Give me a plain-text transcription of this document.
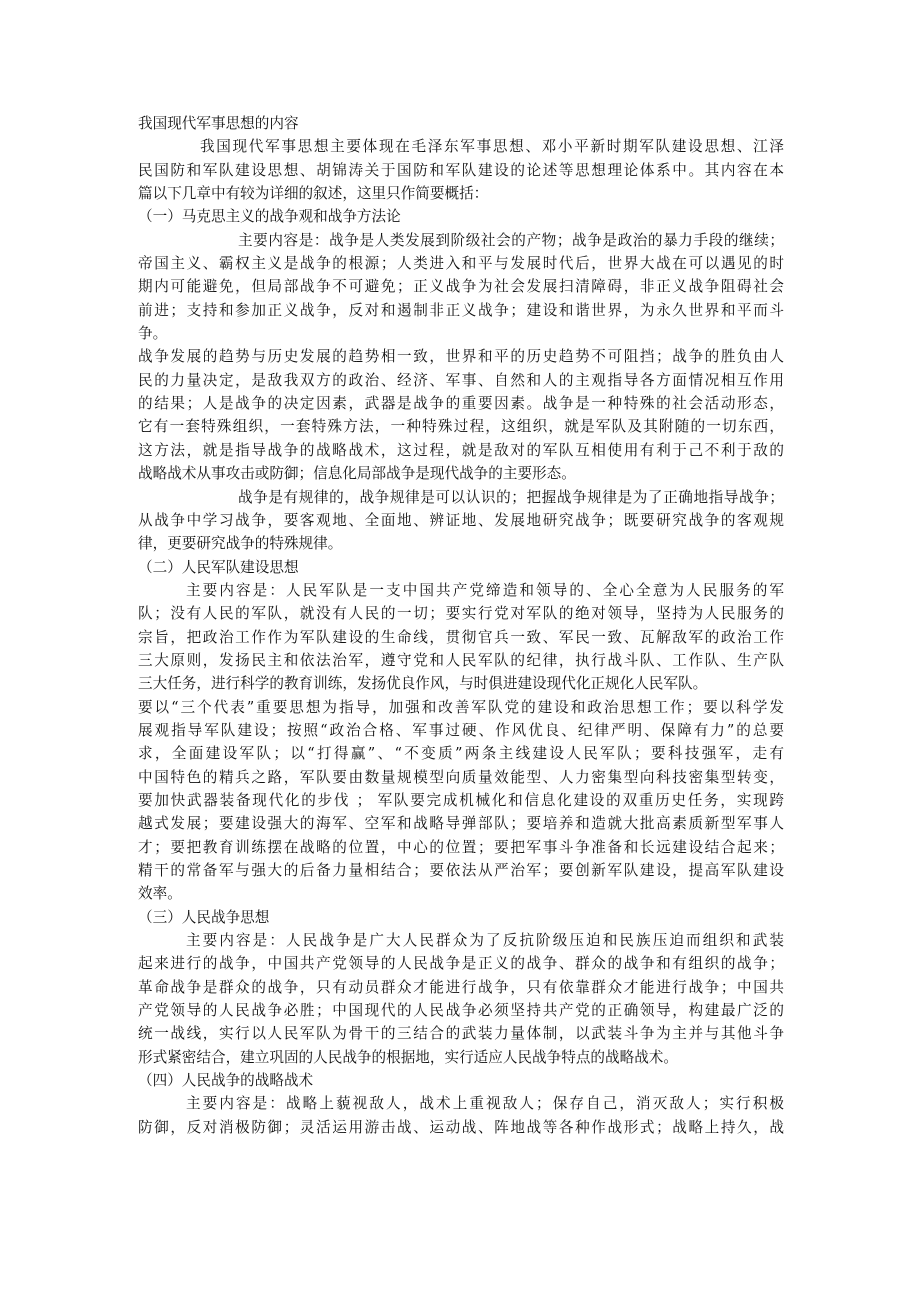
我国现代军事思想的内容
我国现代军事思想主要体现在毛泽东军事思想、邓小平新时期军队建设思想、江泽
民国防和军队建设思想、胡锦涛关于国防和军队建设的论述等思想理论体系中。其内容在本
篇以下几章中有较为详细的叙述，这里只作简要概括：
（一）马克思主义的战争观和战争方法论
主要内容是：战争是人类发展到阶级社会的产物；战争是政治的暴力手段的继续；
帝国主义、霸权主义是战争的根源；人类进入和平与发展时代后，世界大战在可以遇见的时
期内可能避免，但局部战争不可避免；正义战争为社会发展扫清障碍，非正义战争阻碍社会
前进；支持和参加正义战争，反对和遏制非正义战争；建设和谐世界，为永久世界和平而斗
争。
战争发展的趋势与历史发展的趋势相一致，世界和平的历史趋势不可阻挡；战争的胜负由人
民的力量决定，是敌我双方的政治、经济、军事、自然和人的主观指导各方面情况相互作用
的结果；人是战争的决定因素，武器是战争的重要因素。战争是一种特殊的社会活动形态，
它有一套特殊组织，一套特殊方法，一种特殊过程，这组织，就是军队及其附随的一切东西，
这方法，就是指导战争的战略战术，这过程，就是敌对的军队互相使用有利于己不利于敌的
战略战术从事攻击或防御；信息化局部战争是现代战争的主要形态。
战争是有规律的，战争规律是可以认识的；把握战争规律是为了正确地指导战争；
从战争中学习战争，要客观地、全面地、辨证地、发展地研究战争；既要研究战争的客观规
律，更要研究战争的特殊规律。
（二）人民军队建设思想
主要内容是：人民军队是一支中国共产党缔造和领导的、全心全意为人民服务的军
队；没有人民的军队，就没有人民的一切；要实行党对军队的绝对领导，坚持为人民服务的
宗旨，把政治工作作为军队建设的生命线，贯彻官兵一致、军民一致、瓦解敌军的政治工作
三大原则，发扬民主和依法治军，遵守党和人民军队的纪律，执行战斗队、工作队、生产队
三大任务，进行科学的教育训练，发扬优良作风，与时俱进建设现代化正规化人民军队。
要以“三个代表”重要思想为指导，加强和改善军队党的建设和政治思想工作；要以科学发
展观指导军队建设；按照“政治合格、军事过硬、作风优良、纪律严明、保障有力”的总要
求，全面建设军队；以“打得赢”、“不变质”两条主线建设人民军队；要科技强军，走有
中国特色的精兵之路，军队要由数量规模型向质量效能型、人力密集型向科技密集型转变，
要加快武器装备现代化的步伐 ； 军队要完成机械化和信息化建设的双重历史任务，实现跨
越式发展；要建设强大的海军、空军和战略导弹部队；要培养和造就大批高素质新型军事人
才；要把教育训练摆在战略的位置，中心的位置；要把军事斗争准备和长远建设结合起来；
精干的常备军与强大的后备力量相结合；要依法从严治军；要创新军队建设，提高军队建设
效率。
（三）人民战争思想
主要内容是：人民战争是广大人民群众为了反抗阶级压迫和民族压迫而组织和武装
起来进行的战争，中国共产党领导的人民战争是正义的战争、群众的战争和有组织的战争；
革命战争是群众的战争，只有动员群众才能进行战争，只有依靠群众才能进行战争；中国共
产党领导的人民战争必胜；中国现代的人民战争必须坚持共产党的正确领导，构建最广泛的
统一战线，实行以人民军队为骨干的三结合的武装力量体制，以武装斗争为主并与其他斗争
形式紧密结合，建立巩固的人民战争的根据地，实行适应人民战争特点的战略战术。
（四）人民战争的战略战术
主要内容是：战略上藐视敌人，战术上重视敌人；保存自己，消灭敌人；实行积极
防御，反对消极防御；灵活运用游击战、运动战、阵地战等各种作战形式；战略上持久，战
